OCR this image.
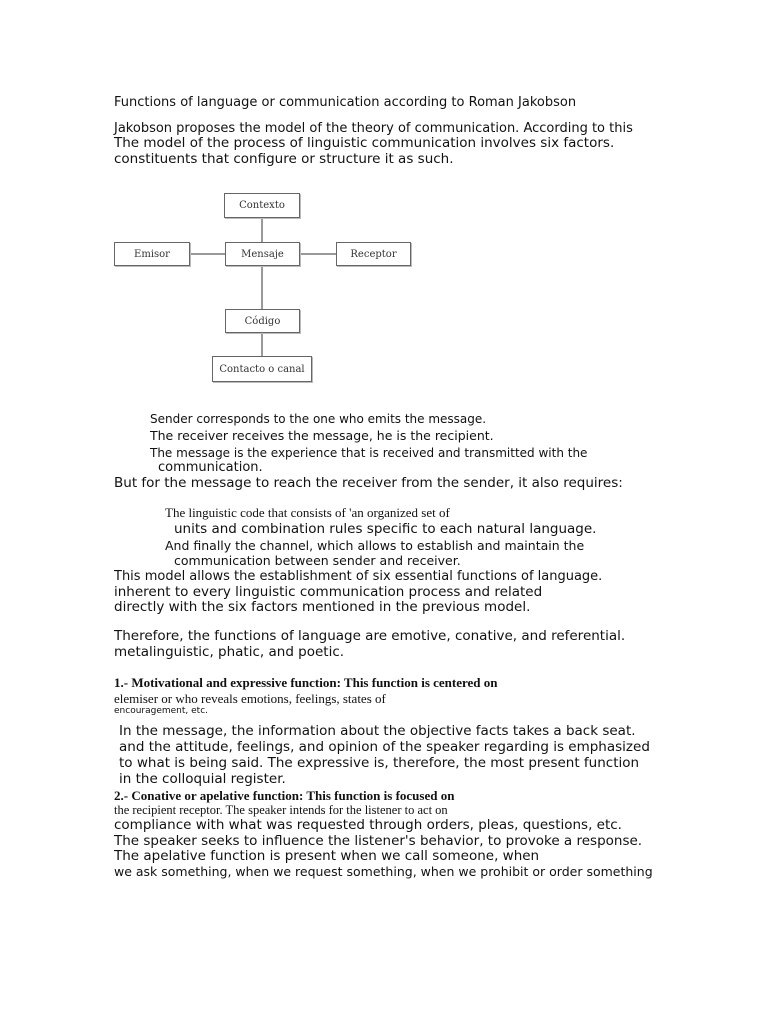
Functions of language or communication according to Roman Jakobson
Jakobson proposes the model of the theory of communication. According to this
The model of the process of linguistic communication involves six factors.
constituents that configure or structure it as such.
Contexto
Emisor	Mensaje	Receptor
Código
Contacto o canal
Sender corresponds to the one who emits the message.
The receiver receives the message, he is the recipient.
The message is the experience that is received and transmitted with the
communication.
But for the message to reach the receiver from the sender, it also requires:
The linguistic code that consists of 'an organized set of
units and combination rules specific to each natural language.
And finally the channel, which allows to establish and maintain the
communication between sender and receiver.
This model allows the establishment of six essential functions of language.
inherent to every linguistic communication process and related
directly with the six factors mentioned in the previous model.
Therefore, the functions of language are emotive, conative, and referential.
metalinguistic, phatic, and poetic.
1.- Motivational and expressive function: This function is centered on
elemiser or who reveals emotions, feelings, states of
encouragement, etc.
In the message, the information about the objective facts takes a back seat.
and the attitude, feelings, and opinion of the speaker regarding is emphasized
to what is being said. The expressive is, therefore, the most present function
in the colloquial register.
2.- Conative or apelative function: This function is focused on
the recipient receptor. The speaker intends for the listener to act on
compliance with what was requested through orders, pleas, questions, etc.
The speaker seeks to influence the listener's behavior, to provoke a response.
The apelative function is present when we call someone, when
we ask something, when we request something, when we prohibit or order something
